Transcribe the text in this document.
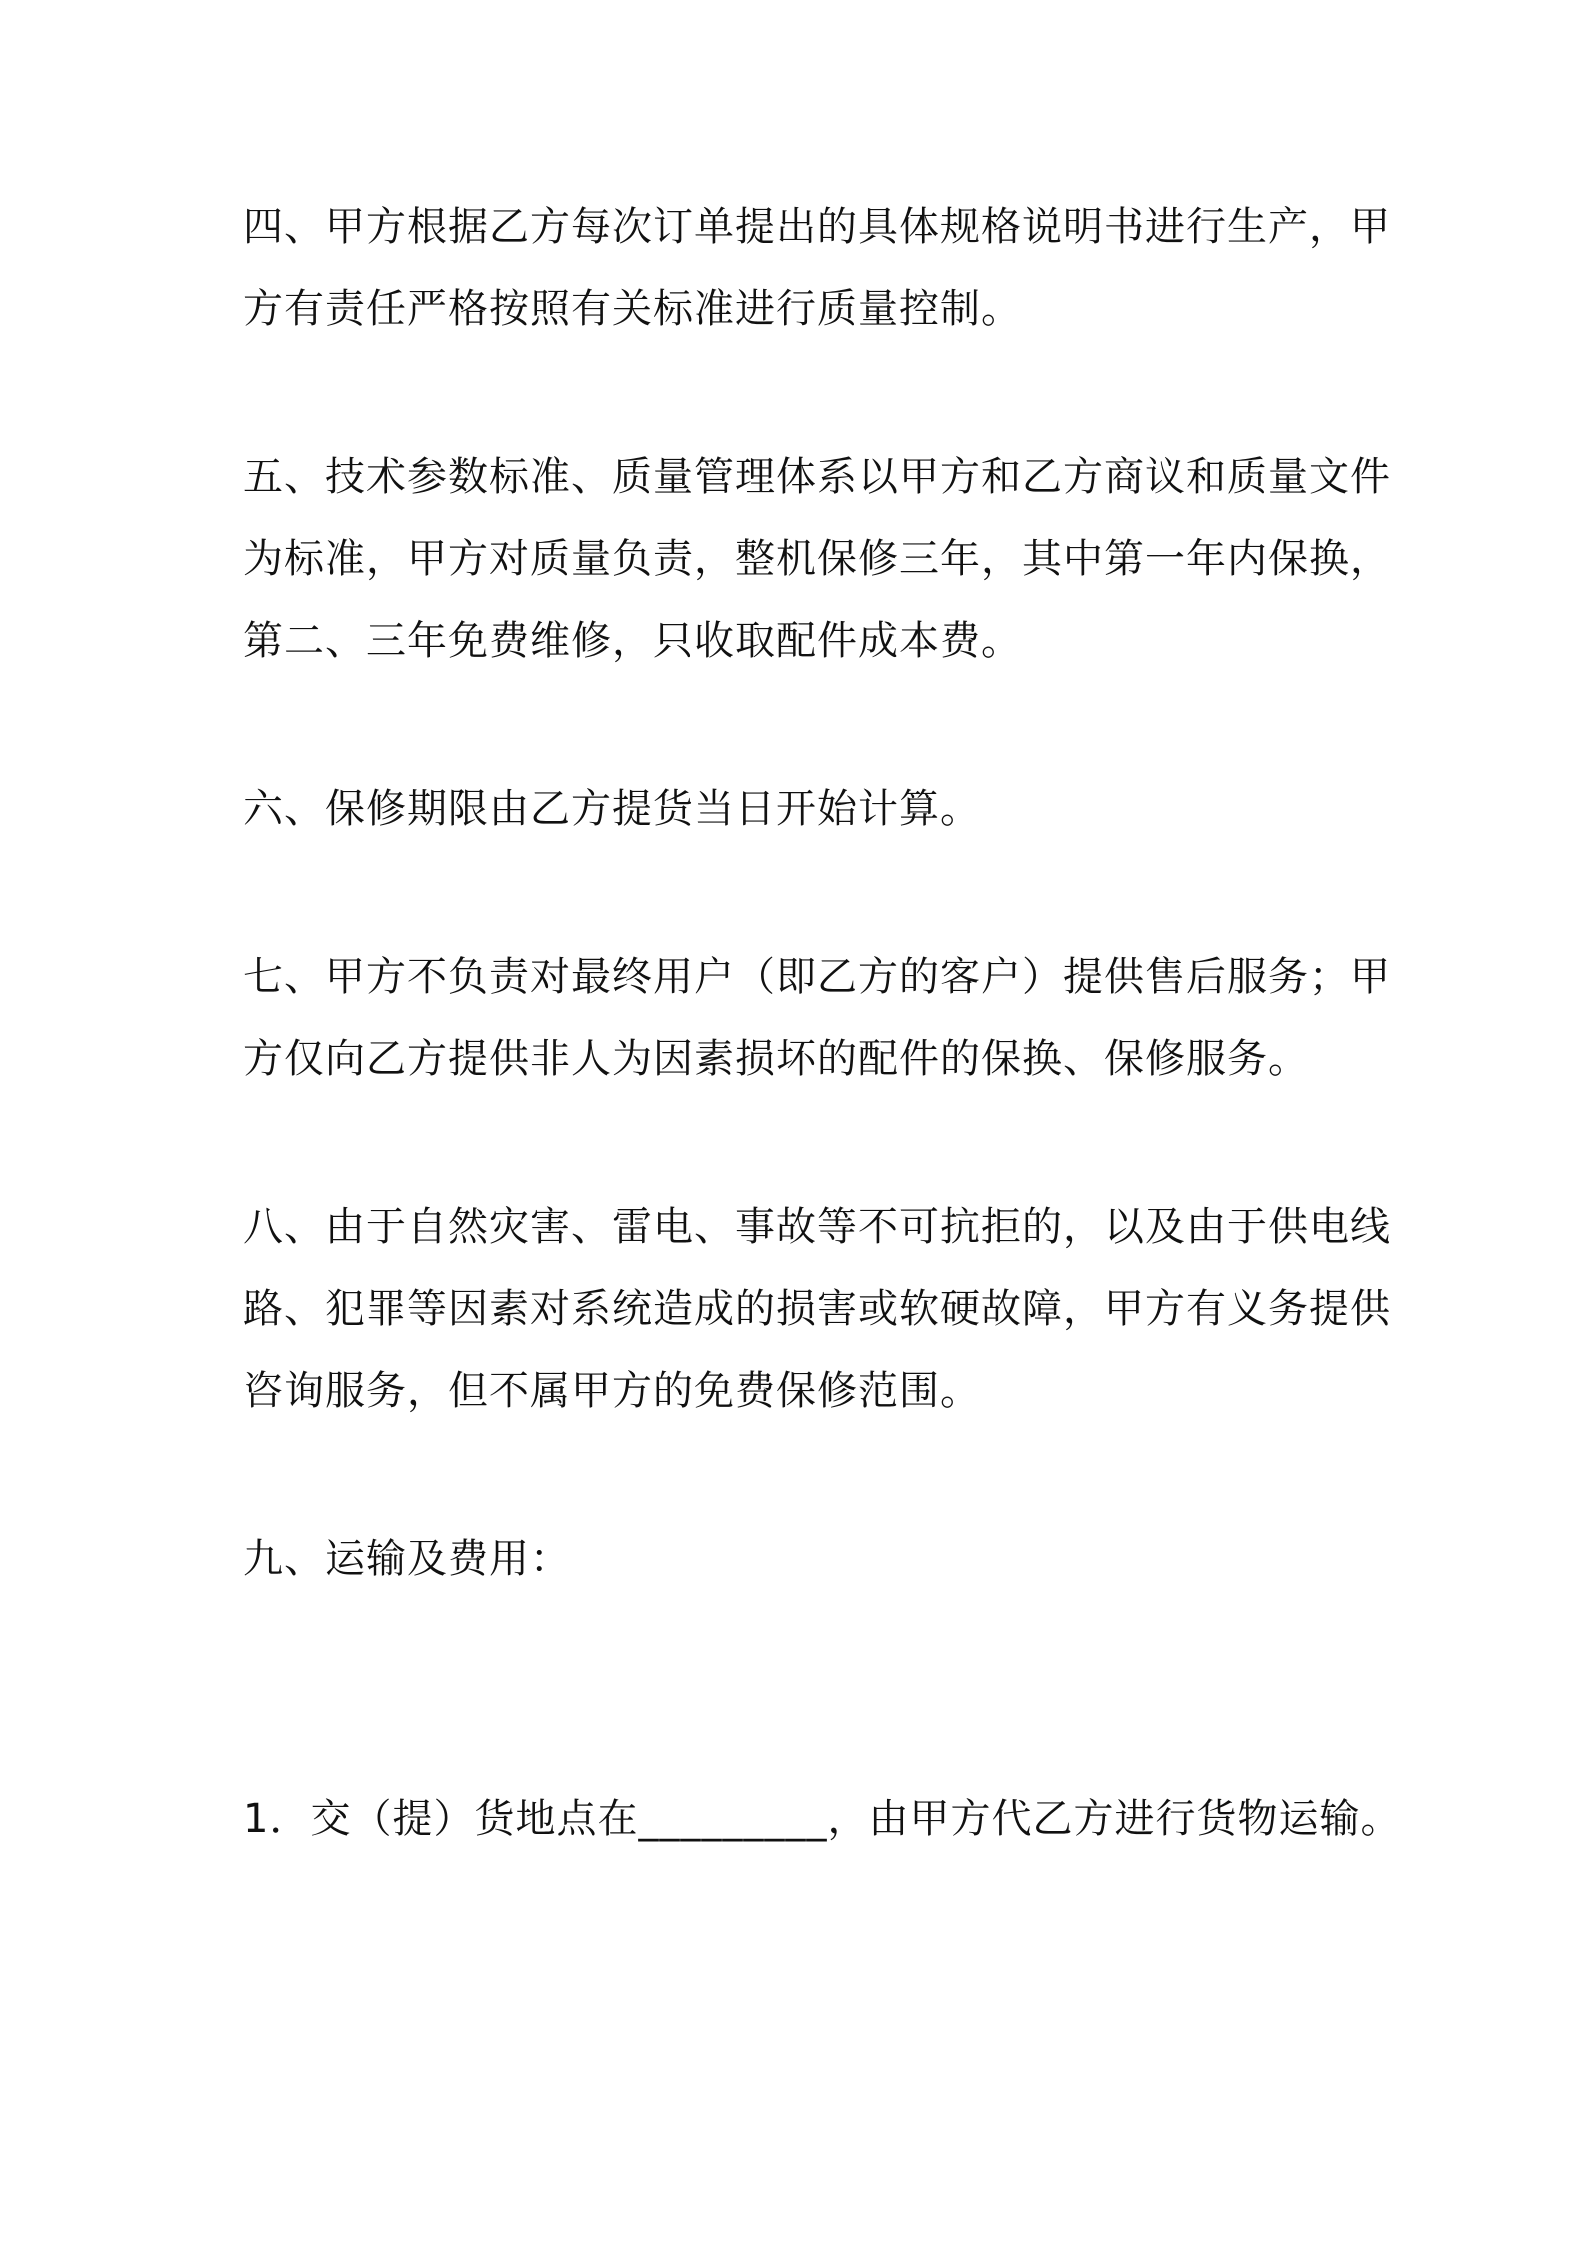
四、甲方根据乙方每次订单提出的具体规格说明书进行生产，甲
方有责任严格按照有关标准进行质量控制。
五、技术参数标准、质量管理体系以甲方和乙方商议和质量文件
为标准，甲方对质量负责，整机保修三年，其中第一年内保换，
第二、三年免费维修，只收取配件成本费。
六、保修期限由乙方提货当日开始计算。
七、甲方不负责对最终用户（即乙方的客户）提供售后服务；甲
方仅向乙方提供非人为因素损坏的配件的保换、保修服务。
八、由于自然灾害、雷电、事故等不可抗拒的，以及由于供电线
路、犯罪等因素对系统造成的损害或软硬故障，甲方有义务提供
咨询服务，但不属甲方的免费保修范围。
九、运输及费用：
1．交（提）货地点在_________，由甲方代乙方进行货物运输。
